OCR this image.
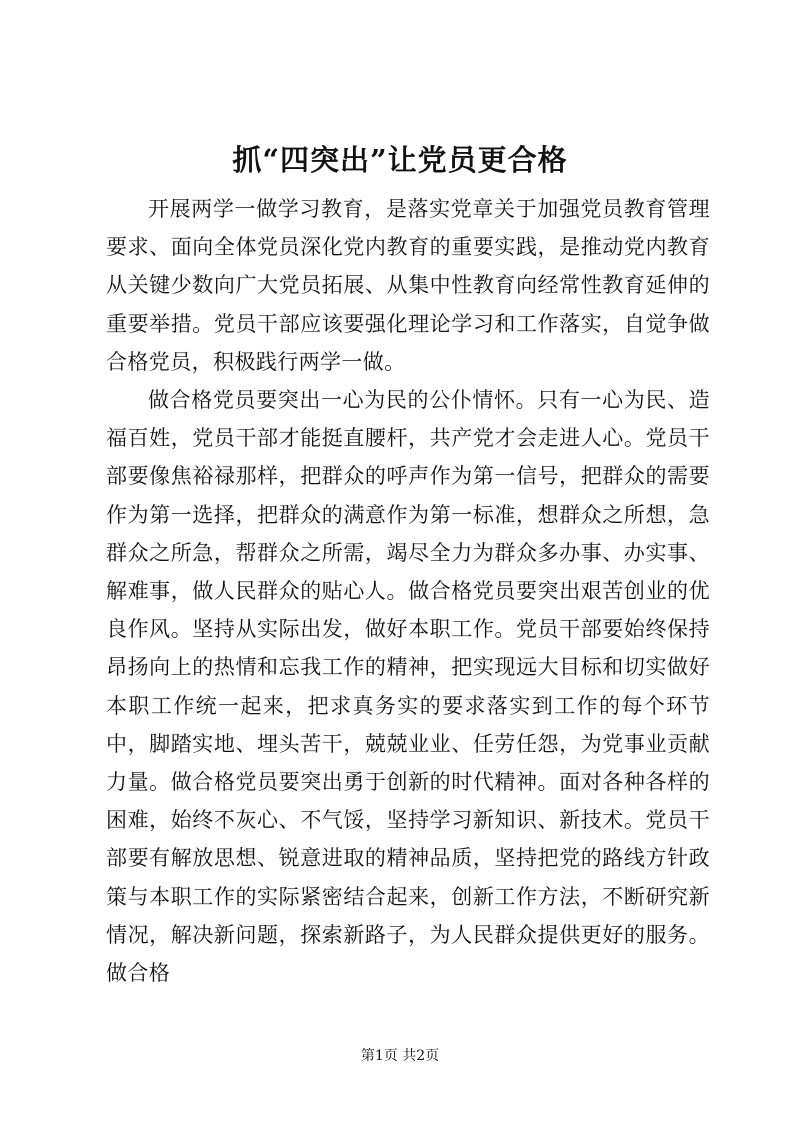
抓“四突出”让党员更合格

开展两学一做学习教育，是落实党章关于加强党员教育管理要求、面向全体党员深化党内教育的重要实践，是推动党内教育从关键少数向广大党员拓展、从集中性教育向经常性教育延伸的重要举措。党员干部应该要强化理论学习和工作落实，自觉争做合格党员，积极践行两学一做。

做合格党员要突出一心为民的公仆情怀。只有一心为民、造福百姓，党员干部才能挺直腰杆，共产党才会走进人心。党员干部要像焦裕禄那样，把群众的呼声作为第一信号，把群众的需要作为第一选择，把群众的满意作为第一标准，想群众之所想，急群众之所急，帮群众之所需，竭尽全力为群众多办事、办实事、解难事，做人民群众的贴心人。做合格党员要突出艰苦创业的优良作风。坚持从实际出发，做好本职工作。党员干部要始终保持昂扬向上的热情和忘我工作的精神，把实现远大目标和切实做好本职工作统一起来，把求真务实的要求落实到工作的每个环节中，脚踏实地、埋头苦干，兢兢业业、任劳任怨，为党事业贡献力量。做合格党员要突出勇于创新的时代精神。面对各种各样的困难，始终不灰心、不气馁，坚持学习新知识、新技术。党员干部要有解放思想、锐意进取的精神品质，坚持把党的路线方针政策与本职工作的实际紧密结合起来，创新工作方法，不断研究新情况，解决新问题，探索新路子，为人民群众提供更好的服务。做合格

第1页 共2页
